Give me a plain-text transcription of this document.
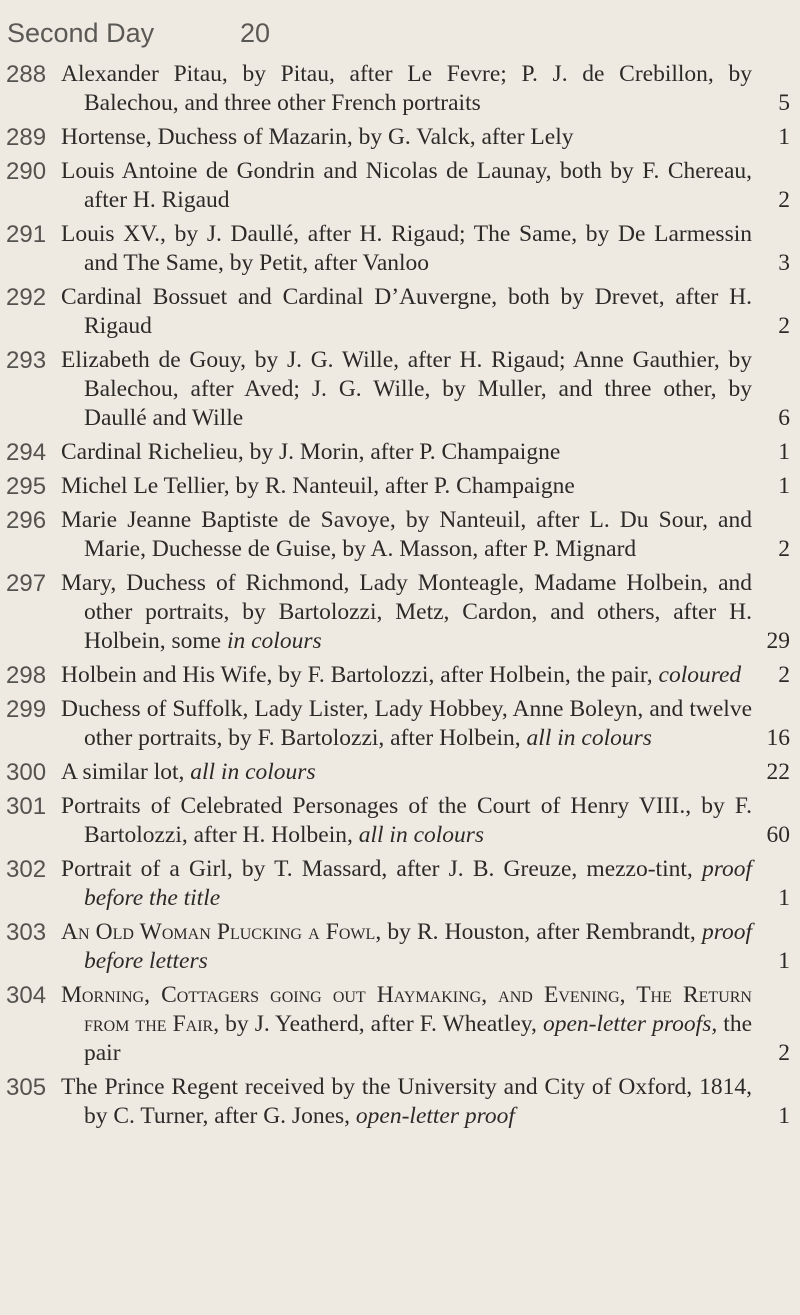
Second Day	20
288 Alexander Pitau, by Pitau, after Le Fevre; P. J. de Crebillon, by Balechou, and three other French portraits	5
289 Hortense, Duchess of Mazarin, by G. Valck, after Lely	1
290 Louis Antoine de Gondrin and Nicolas de Launay, both by F. Chereau, after H. Rigaud	2
291 Louis XV., by J. Daullé, after H. Rigaud; The Same, by De Larmessin and The Same, by Petit, after Vanloo	3
292 Cardinal Bossuet and Cardinal D’Auvergne, both by Drevet, after H. Rigaud	2
293 Elizabeth de Gouy, by J. G. Wille, after H. Rigaud; Anne Gauthier, by Balechou, after Aved; J. G. Wille, by Muller, and three other, by Daullé and Wille	6
294 Cardinal Richelieu, by J. Morin, after P. Champaigne	1
295 Michel Le Tellier, by R. Nanteuil, after P. Champaigne	1
296 Marie Jeanne Baptiste de Savoye, by Nanteuil, after L. Du Sour, and Marie, Duchesse de Guise, by A. Masson, after P. Mignard	2
297 Mary, Duchess of Richmond, Lady Monteagle, Madame Holbein, and other portraits, by Bartolozzi, Metz, Cardon, and others, after H. Holbein, some in colours	29
298 Holbein and His Wife, by F. Bartolozzi, after Holbein, the pair, coloured	2
299 Duchess of Suffolk, Lady Lister, Lady Hobbey, Anne Boleyn, and twelve other portraits, by F. Bartolozzi, after Holbein, all in colours	16
300 A similar lot, all in colours	22
301 Portraits of Celebrated Personages of the Court of Henry VIII., by F. Bartolozzi, after H. Holbein, all in colours	60
302 Portrait of a Girl, by T. Massard, after J. B. Greuze, mezzo-tint, proof before the title	1
303 An Old Woman Plucking a Fowl, by R. Houston, after Rembrandt, proof before letters	1
304 Morning, Cottagers going out Haymaking, and Evening, The Return from the Fair, by J. Yeatherd, after F. Wheatley, open-letter proofs, the pair	2
305 The Prince Regent received by the University and City of Oxford, 1814, by C. Turner, after G. Jones, open-letter proof	1
